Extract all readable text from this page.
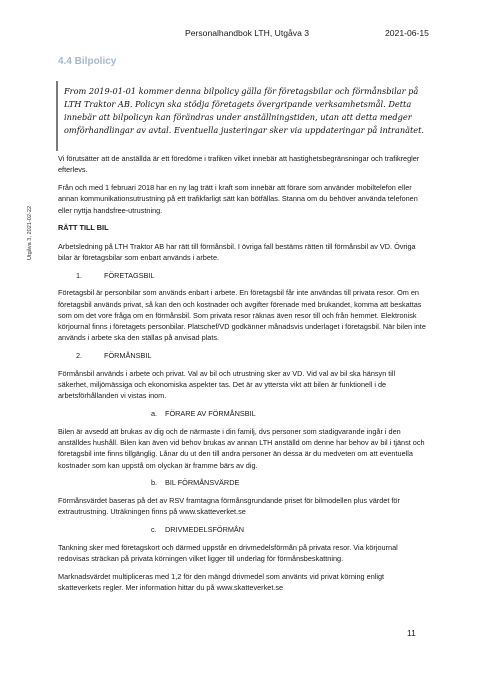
Personalhandbok LTH, Utgåva 3	2021-06-15
4.4 Bilpolicy
Utgåva 3, 2021-02-22

From 2019-01-01 kommer denna bilpolicy gälla för företagsbilar och förmånsbilar på LTH Traktor AB. Policyn ska stödja företagets övergripande verksamhetsmål. Detta innebär att bilpolicyn kan förändras under anställningstiden, utan att detta medger omförhandlingar av avtal. Eventuella justeringar sker via uppdateringar på intranätet.

Vi förutsätter att de anställda är ett föredöme i trafiken vilket innebär att hastighetsbegränsningar och trafikregler efterlevs.

Från och med 1 februari 2018 har en ny lag trätt i kraft som innebär att förare som använder mobiltelefon eller annan kommunikationsutrustning på ett trafikfarligt sätt kan bötfällas. Stanna om du behöver använda telefonen eller nyttja handsfree-utrustning.

RÄTT TILL BIL

Arbetsledning på LTH Traktor AB har rätt till förmånsbil. I övriga fall bestäms rätten till förmånsbil av VD. Övriga bilar är företagsbilar som enbart används i arbete.

1.	FÖRETAGSBIL

Företagsbil är personbilar som används enbart i arbete. En företagsbil får inte användas till privata resor. Om en företagsbil används privat, så kan den och kostnader och avgifter förenade med brukandet, komma att beskattas som om det vore fråga om en förmånsbil. Som privata resor räknas även resor till och från hemmet. Elektronisk körjournal finns i företagets personbilar. Platschef/VD godkänner månadsvis underlaget i företagsbil. När bilen inte används i arbete ska den ställas på anvisad plats.

2.	FÖRMÅNSBIL

Förmånsbil används i arbete och privat. Val av bil och utrustning sker av VD. Vid val av bil ska hänsyn till säkerhet, miljömässiga och ekonomiska aspekter tas. Det är av yttersta vikt att bilen är funktionell i de arbetsförhållanden vi vistas inom.

a. FÖRARE AV FÖRMÅNSBIL

Bilen är avsedd att brukas av dig och de närmaste i din familj, dvs personer som stadigvarande ingår i den anställdes hushåll. Bilen kan även vid behov brukas av annan LTH anställd om denne har behov av bil i tjänst och företagsbil inte finns tillgänglig. Lånar du ut den till andra personer än dessa är du medveten om att eventuella kostnader som kan uppstå om olyckan är framme bärs av dig.

b. BIL FÖRMÅNSVÄRDE

Förmånsvärdet baseras på det av RSV framtagna förmånsgrundande priset för bilmodellen plus värdet för extrautrustning. Uträkningen finns på www.skatteverket.se

c. DRIVMEDELSFÖRMÅN

Tankning sker med företagskort och därmed uppstår en drivmedelsförmån på privata resor. Via körjournal redovisas sträckan på privata körningen vilket ligger till underlag för förmånsbeskattning.

Marknadsvärdet multipliceras med 1,2 för den mängd drivmedel som använts vid privat körning enligt skatteverkets regler. Mer information hittar du på www.skatteverket.se

11
